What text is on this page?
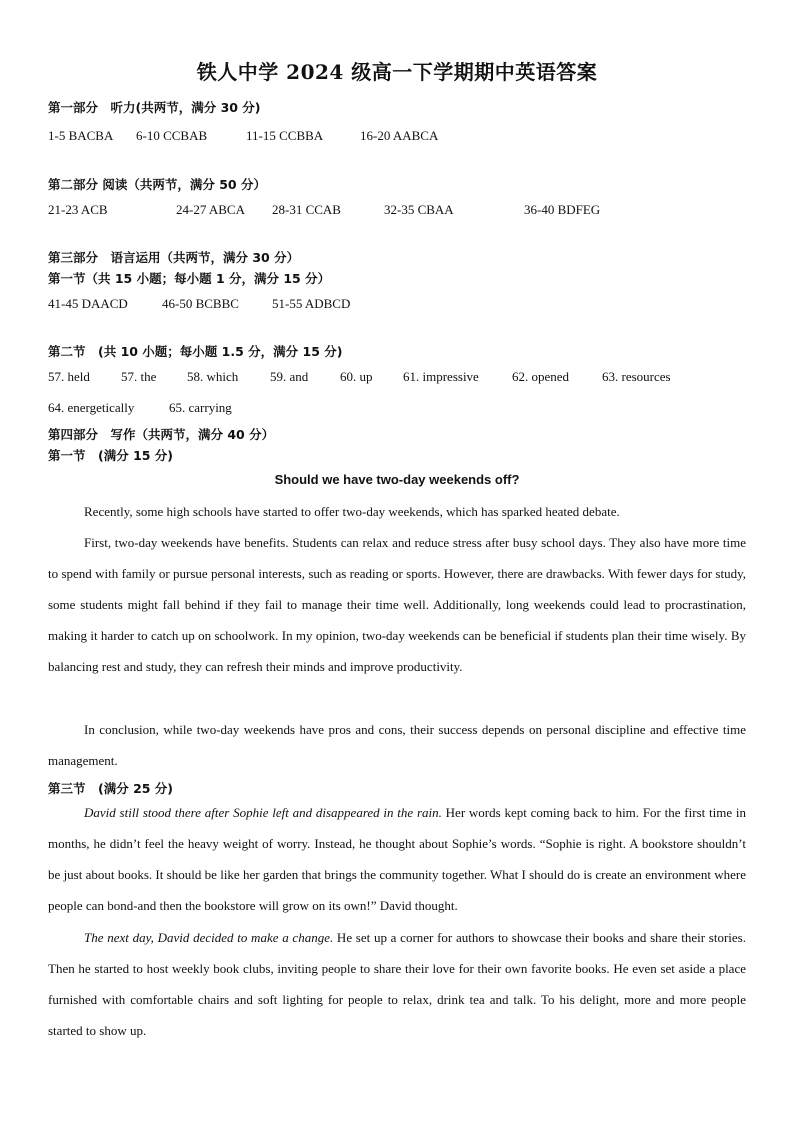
铁人中学 2024 级高一下学期期中英语答案
第一部分　听力(共两节，满分 30 分)
1-5 BACBA 6-10 CCBAB	11-15 CCBBA	16-20 AABCA
第二部分 阅读（共两节，满分 50 分）
21-23 ACB	24-27 ABCA 28-31 CCAB	32-35 CBAA	36-40 BDFEG
第三部分　语言运用（共两节，满分 30 分）
第一节（共 15 小题；每小题 1 分，满分 15 分）
41-45 DAACD	46-50 BCBBC	51-55 ADBCD
第二节　(共 10 小题；每小题 1.5 分，满分 15 分)
57. held 57. the 58. which 59. and 60. up 61. impressive	62. opened	63. resources
64. energetically	65. carrying
第四部分　写作（共两节，满分 40 分）
第一节　(满分 15 分)
Should we have two-day weekends off?
Recently, some high schools have started to offer two-day weekends, which has sparked heated debate.
First, two-day weekends have benefits. Students can relax and reduce stress after busy school days. They also have more time to spend with family or pursue personal interests, such as reading or sports. However, there are drawbacks. With fewer days for study, some students might fall behind if they fail to manage their time well. Additionally, long weekends could lead to procrastination, making it harder to catch up on schoolwork. In my opinion, two-day weekends can be beneficial if students plan their time wisely. By balancing rest and study, they can refresh their minds and improve productivity.
In conclusion, while two-day weekends have pros and cons, their success depends on personal discipline and effective time management.
第三节　(满分 25 分)
David still stood there after Sophie left and disappeared in the rain. Her words kept coming back to him. For the first time in months, he didn’t feel the heavy weight of worry. Instead, he thought about Sophie’s words. “Sophie is right. A bookstore shouldn’t be just about books. It should be like her garden that brings the community together. What I should do is create an environment where people can bond-and then the bookstore will grow on its own!” David thought.
The next day, David decided to make a change. He set up a corner for authors to showcase their books and share their stories. Then he started to host weekly book clubs, inviting people to share their love for their own favorite books. He even set aside a place furnished with comfortable chairs and soft lighting for people to relax, drink tea and talk. To his delight, more and more people started to show up.
